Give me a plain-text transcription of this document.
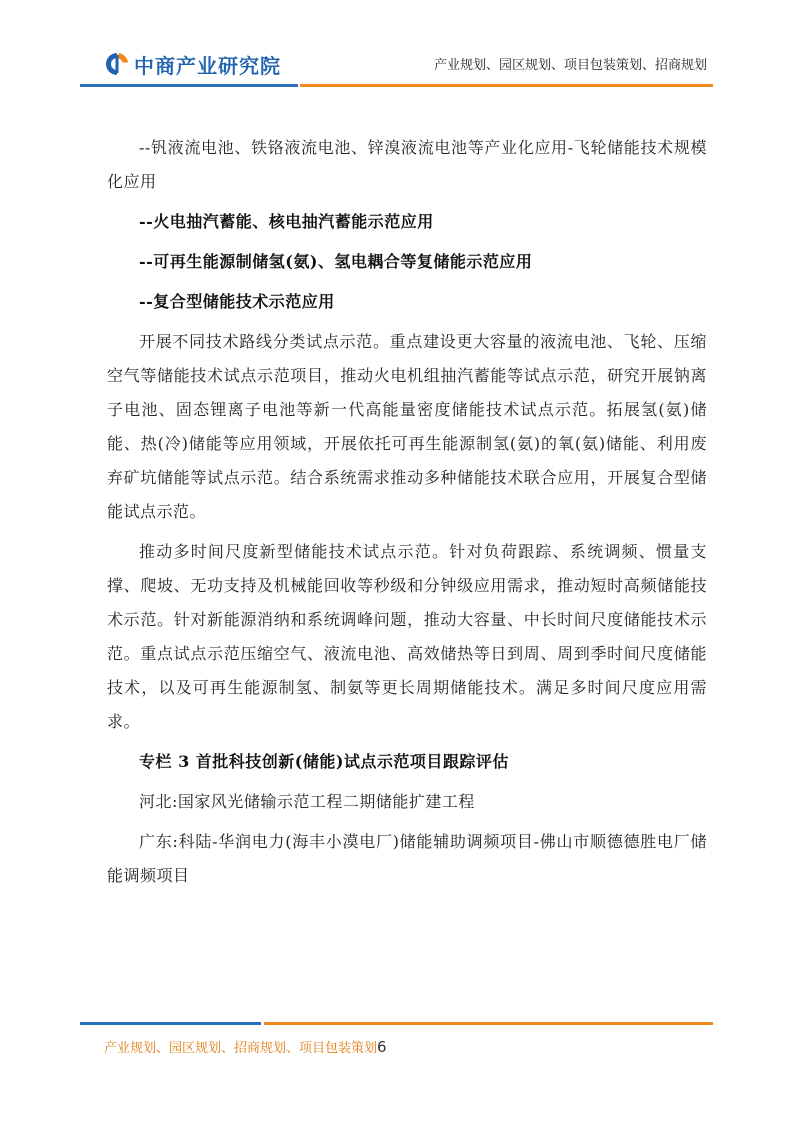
中商产业研究院	产业规划、园区规划、项目包装策划、招商规划

--钒液流电池、铁铬液流电池、锌溴液流电池等产业化应用-飞轮储能技术规模化应用

--火电抽汽蓄能、核电抽汽蓄能示范应用

--可再生能源制储氢(氨)、氢电耦合等复储能示范应用

--复合型储能技术示范应用

开展不同技术路线分类试点示范。重点建设更大容量的液流电池、飞轮、压缩空气等储能技术试点示范项目，推动火电机组抽汽蓄能等试点示范，研究开展钠离子电池、固态锂离子电池等新一代高能量密度储能技术试点示范。拓展氢(氨)储能、热(冷)储能等应用领域，开展依托可再生能源制氢(氨)的氧(氨)储能、利用废弃矿坑储能等试点示范。结合系统需求推动多种储能技术联合应用，开展复合型储能试点示范。

推动多时间尺度新型储能技术试点示范。针对负荷跟踪、系统调频、惯量支撑、爬坡、无功支持及机械能回收等秒级和分钟级应用需求，推动短时高频储能技术示范。针对新能源消纳和系统调峰问题，推动大容量、中长时间尺度储能技术示范。重点试点示范压缩空气、液流电池、高效储热等日到周、周到季时间尺度储能技术，以及可再生能源制氢、制氨等更长周期储能技术。满足多时间尺度应用需求。

专栏 3 首批科技创新(储能)试点示范项目跟踪评估

河北:国家风光储输示范工程二期储能扩建工程

广东:科陆-华润电力(海丰小漠电厂)储能辅助调频项目-佛山市顺德德胜电厂储能调频项目

产业规划、园区规划、招商规划、项目包装策划6
